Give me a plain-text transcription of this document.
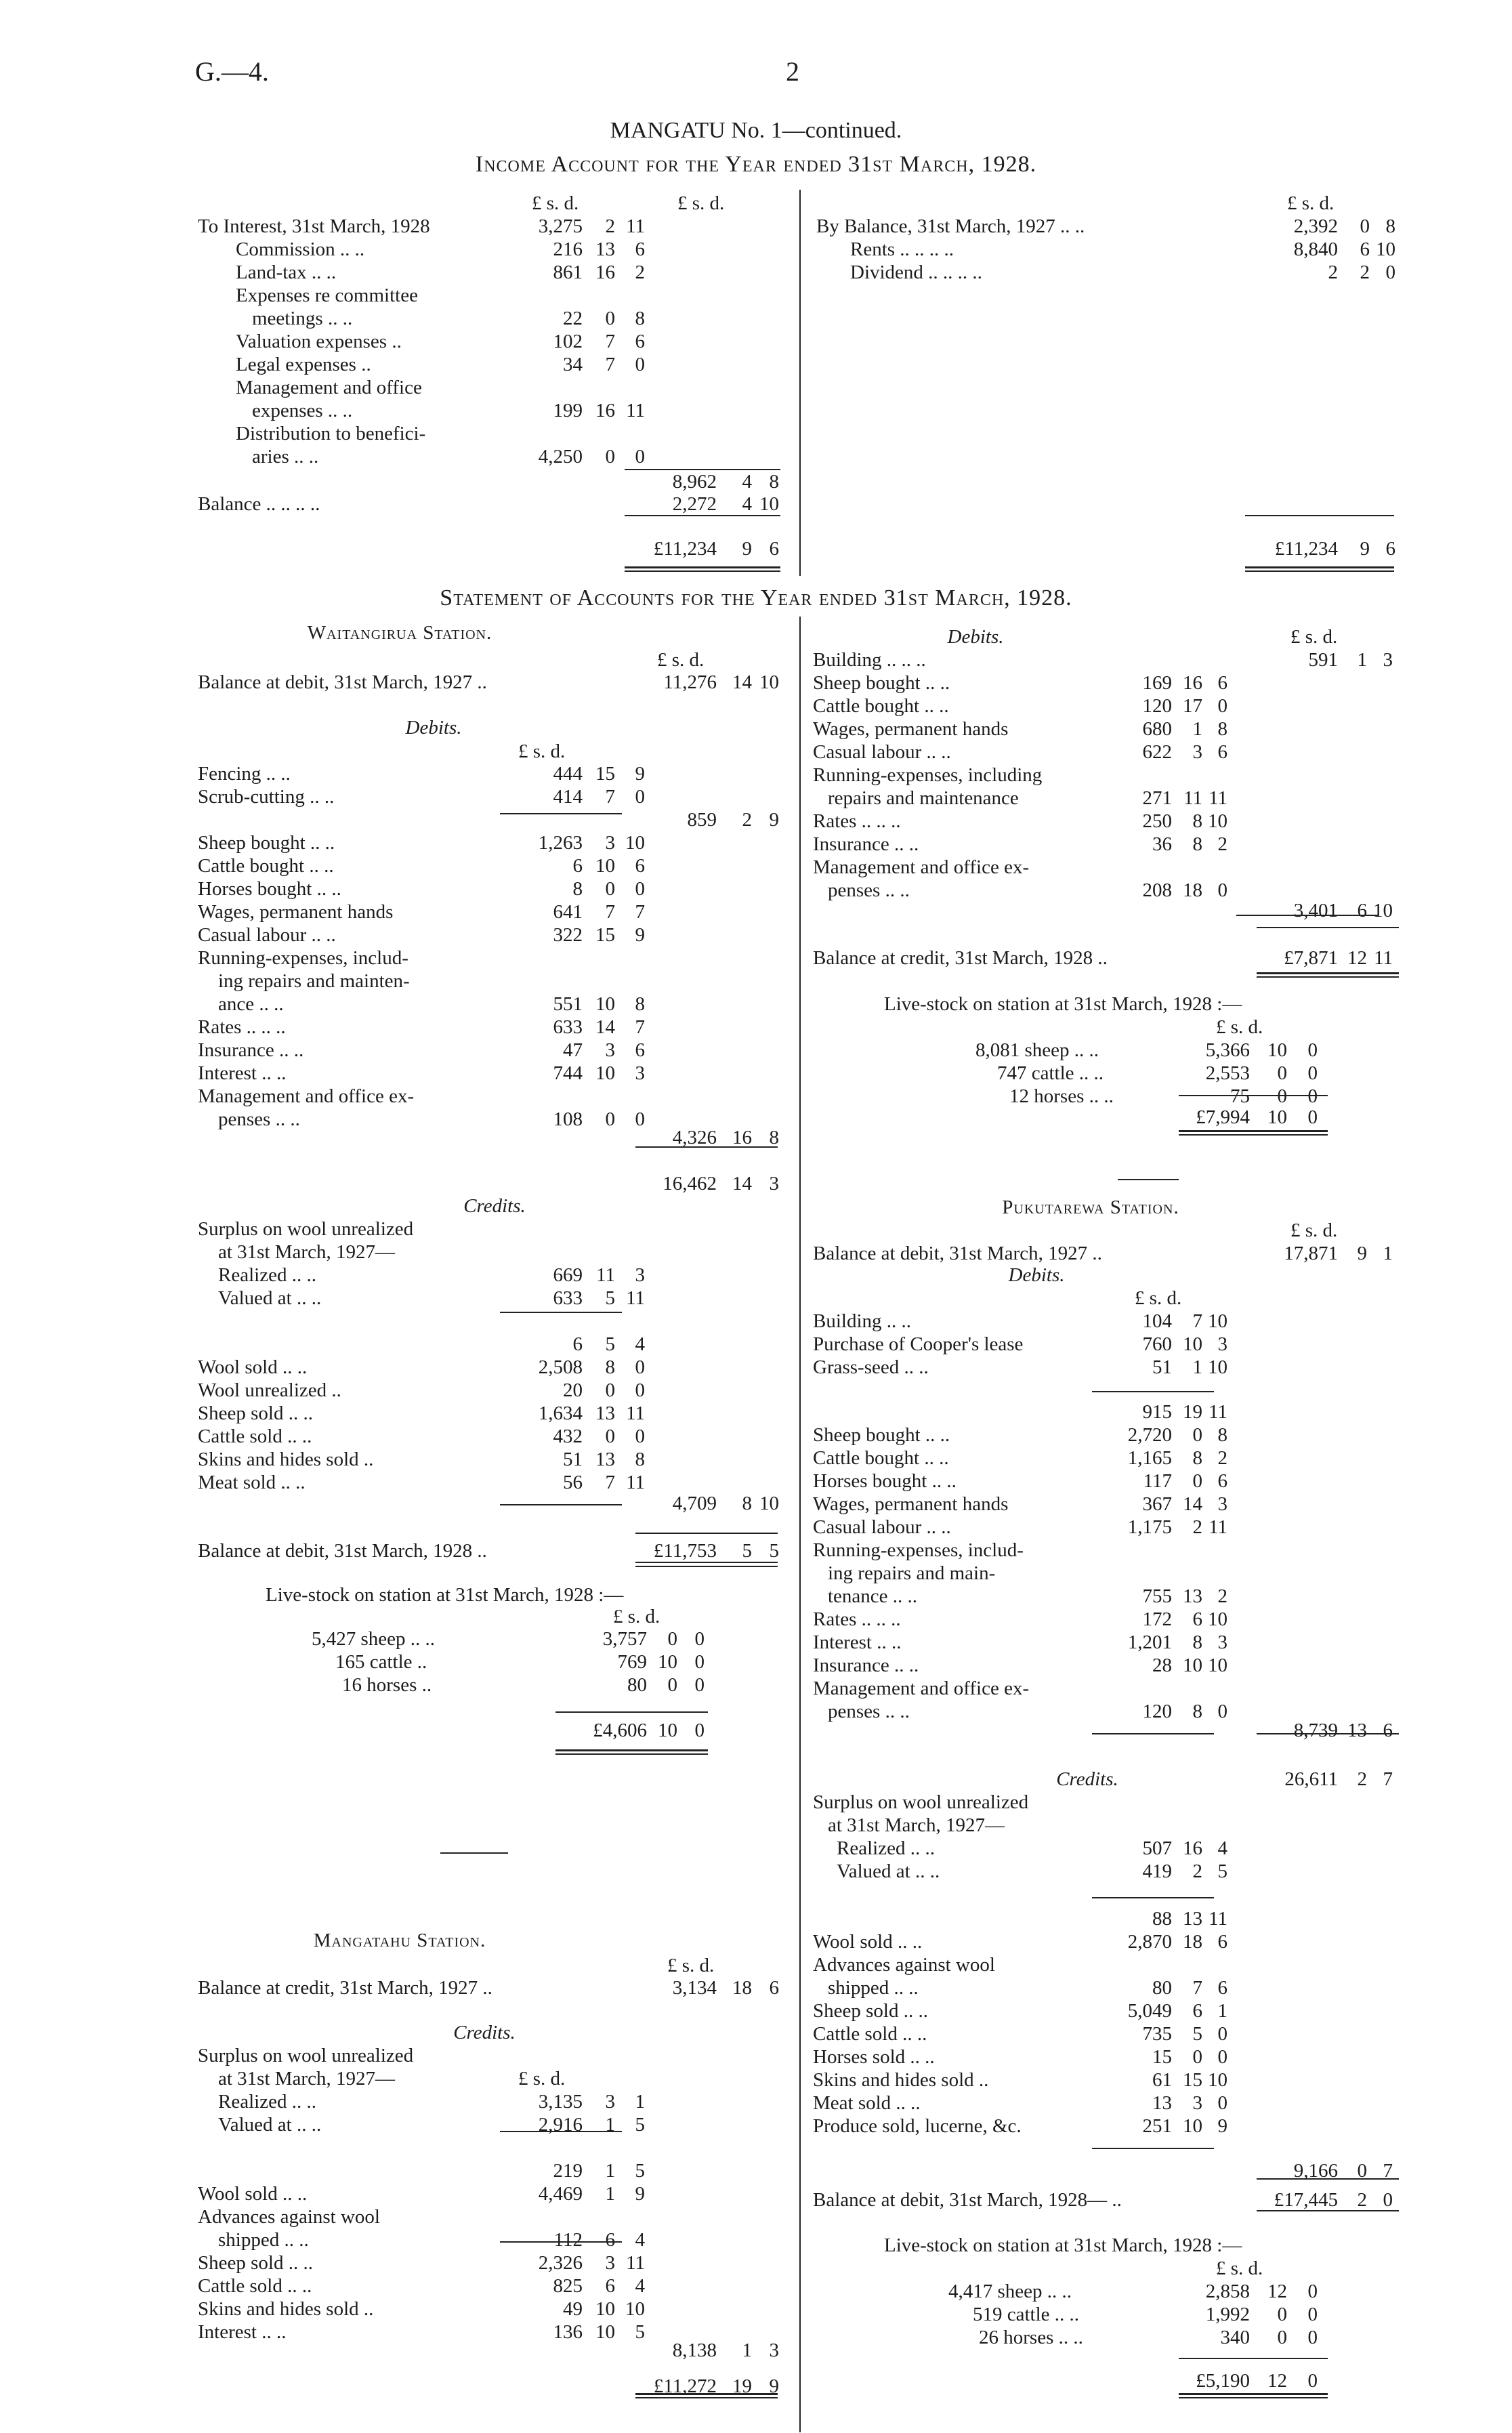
G.—4.	2
MANGATU No. 1—continued.
Income Account for the Year ended 31st March, 1928.
£ s. d.	£ s. d.
To Interest, 31st March, 1928	3,275	2 11
Commission .. ..	216 13	6
Land-tax .. ..	861 16	2
Expenses re committee
meetings .. ..	22	0	8
Valuation expenses ..	102	7	6
Legal expenses ..	34	7	0
Management and office
expenses .. ..	199 16 11
Distribution to benefici-
aries .. ..	4,250	0	0
8,962	4 8
Balance .. .. .. ..	2,272	4 10
£11,234	9 6
£ s. d.
By Balance, 31st March, 1927 .. ..	2,392	0 8
Rents .. .. .. ..	8,840	6 10
Dividend .. .. .. ..	2	2 0
£11,234	9 6
Waitangirua Station.
£ s. d.
Balance at debit, 31st March, 1927 ..	11,276 14 10
Debits.
£ s. d.
Fencing .. ..	444 15	9
Scrub-cutting .. ..	414	7	0
859	2 9
Sheep bought .. ..	1,263	3 10
Cattle bought .. ..	6 10	6
Horses bought .. ..	8	0	0
Wages, permanent hands	641	7	7
Casual labour .. ..	322 15	9
Running-expenses, includ-
ing repairs and mainten-
ance .. ..	551 10	8
Rates .. .. ..	633 14	7
Insurance .. ..	47	3	6
Interest .. ..	744 10	3
Management and office ex-
penses .. ..	108	0	0
4,326 16 8
16,462 14 3
Credits.
Surplus on wool unrealized
at 31st March, 1927—
Realized .. ..	669 11	3
Valued at .. ..	633	5 11
6	5	4
Wool sold .. ..	2,508	8	0
Wool unrealized ..	20	0	0
Sheep sold .. ..	1,634 13 11
Cattle sold .. ..	432	0	0
Skins and hides sold ..	51 13	8
Meat sold .. ..	56	7 11
4,709	8 10
Balance at debit, 31st March, 1928 ..	£11,753	5 5
Live-stock on station at 31st March, 1928 :—
£ s. d.
5,427 sheep .. ..	3,757	0 0
165 cattle ..	769 10 0
16 horses ..	80	0 0
£4,606 10 0
Mangatahu Station.
£ s. d.
Balance at credit, 31st March, 1927 ..	3,134 18 6
Credits.
Surplus on wool unrealized
at 31st March, 1927—	£ s. d.
Realized .. ..	3,135	3	1
Valued at .. ..	2,916	1	5
219	1	5
Wool sold .. ..	4,469	1	9
Advances against wool
shipped .. ..	112	6	4
Sheep sold .. ..	2,326	3 11
Cattle sold .. ..	825	6	4
Skins and hides sold ..	49 10 10
Interest .. ..	136 10	5
8,138	1 3
£11,272 19 9
Debits.	£ s. d.
Building .. .. ..	591 1 3
Sheep bought .. ..	169 16 6
Cattle bought .. ..	120 17 0
Wages, permanent hands	680	1 8
Casual labour .. ..	622	3 6
Running-expenses, including
repairs and maintenance	271 11 11
Rates .. .. ..	250	8 10
Insurance .. ..	36	8 2
Management and office ex-
penses .. ..	208 18 0
3,401 6 10
Balance at credit, 31st March, 1928 ..	£7,871 12 11
Live-stock on station at 31st March, 1928 :—
£ s. d.
8,081 sheep .. ..	5,366 10	0
747 cattle .. ..	2,553	0	0
12 horses .. ..	75	0	0
£7,994 10	0
Pukutarewa Station.
£ s. d.
Balance at debit, 31st March, 1927 ..	17,871 9 1
Debits.
£ s. d.
Building .. ..	104	7 10
Purchase of Cooper's lease	760 10 3
Grass-seed .. ..	51	1 10
915 19 11
Sheep bought .. ..	2,720	0 8
Cattle bought .. ..	1,165	8 2
Horses bought .. ..	117	0 6
Wages, permanent hands	367 14 3
Casual labour .. ..	1,175	2 11
Running-expenses, includ-
ing repairs and main-
tenance .. ..	755 13 2
Rates .. .. ..	172	6 10
Interest .. ..	1,201	8 3
Insurance .. ..	28 10 10
Management and office ex-
penses .. ..	120	8 0
8,739 13 6
Credits.	26,611 2 7
Surplus on wool unrealized
at 31st March, 1927—
Realized .. ..	507 16 4
Valued at .. ..	419	2 5
88 13 11
Wool sold .. ..	2,870 18 6
Advances against wool
shipped .. ..	80	7 6
Sheep sold .. ..	5,049	6 1
Cattle sold .. ..	735	5 0
Horses sold .. ..	15	0 0
Skins and hides sold ..	61 15 10
Meat sold .. ..	13	3 0
Produce sold, lucerne, &c.	251 10 9
9,166 0 7
Balance at debit, 31st March, 1928— ..	£17,445 2 0
Live-stock on station at 31st March, 1928 :—
£ s. d.
4,417 sheep .. ..	2,858 12	0
519 cattle .. ..	1,992	0	0
26 horses .. ..	340	0	0
£5,190 12	0
Statement of Accounts for the Year ended 31st March, 1928.
